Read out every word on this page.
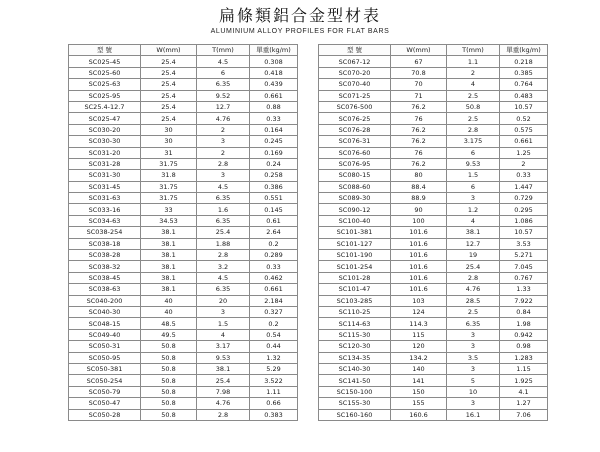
扁條類鋁合金型材表
ALUMINIUM ALLOY PROFILES FOR FLAT BARS
型 號	W(mm)	T(mm)	單重(kg/m)
SC025-45	25.4	4.5	0.308
SC025-60	25.4	6	0.418
SC025-63	25.4	6.35	0.439
SC025-95	25.4	9.52	0.661
SC25.4-12.7	25.4	12.7	0.88
SC025-47	25.4	4.76	0.33
SC030-20	30	2	0.164
SC030-30	30	3	0.245
SC031-20	31	2	0.169
SC031-28	31.75	2.8	0.24
SC031-30	31.8	3	0.258
SC031-45	31.75	4.5	0.386
SC031-63	31.75	6.35	0.551
SC033-16	33	1.6	0.145
SC034-63	34.53	6.35	0.61
SC038-254	38.1	25.4	2.64
SC038-18	38.1	1.88	0.2
SC038-28	38.1	2.8	0.289
SC038-32	38.1	3.2	0.33
SC038-45	38.1	4.5	0.462
SC038-63	38.1	6.35	0.661
SC040-200	40	20	2.184
SC040-30	40	3	0.327
SC048-15	48.5	1.5	0.2
SC049-40	49.5	4	0.54
SC050-31	50.8	3.17	0.44
SC050-95	50.8	9.53	1.32
SC050-381	50.8	38.1	5.29
SC050-254	50.8	25.4	3.522
SC050-79	50.8	7.98	1.11
SC050-47	50.8	4.76	0.66
SC050-28	50.8	2.8	0.383
型 號	W(mm)	T(mm)	單重(kg/m)
SC067-12	67	1.1	0.218
SC070-20	70.8	2	0.385
SC070-40	70	4	0.764
SC071-25	71	2.5	0.483
SC076-500	76.2	50.8	10.57
SC076-25	76	2.5	0.52
SC076-28	76.2	2.8	0.575
SC076-31	76.2	3.175	0.661
SC076-60	76	6	1.25
SC076-95	76.2	9.53	2
SC080-15	80	1.5	0.33
SC088-60	88.4	6	1.447
SC089-30	88.9	3	0.729
SC090-12	90	1.2	0.295
SC100-40	100	4	1.086
SC101-381	101.6	38.1	10.57
SC101-127	101.6	12.7	3.53
SC101-190	101.6	19	5.271
SC101-254	101.6	25.4	7.045
SC101-28	101.6	2.8	0.767
SC101-47	101.6	4.76	1.33
SC103-285	103	28.5	7.922
SC110-25	124	2.5	0.84
SC114-63	114.3	6.35	1.98
SC115-30	115	3	0.942
SC120-30	120	3	0.98
SC134-35	134.2	3.5	1.283
SC140-30	140	3	1.15
SC141-50	141	5	1.925
SC150-100	150	10	4.1
SC155-30	155	3	1.27
SC160-160	160.6	16.1	7.06
